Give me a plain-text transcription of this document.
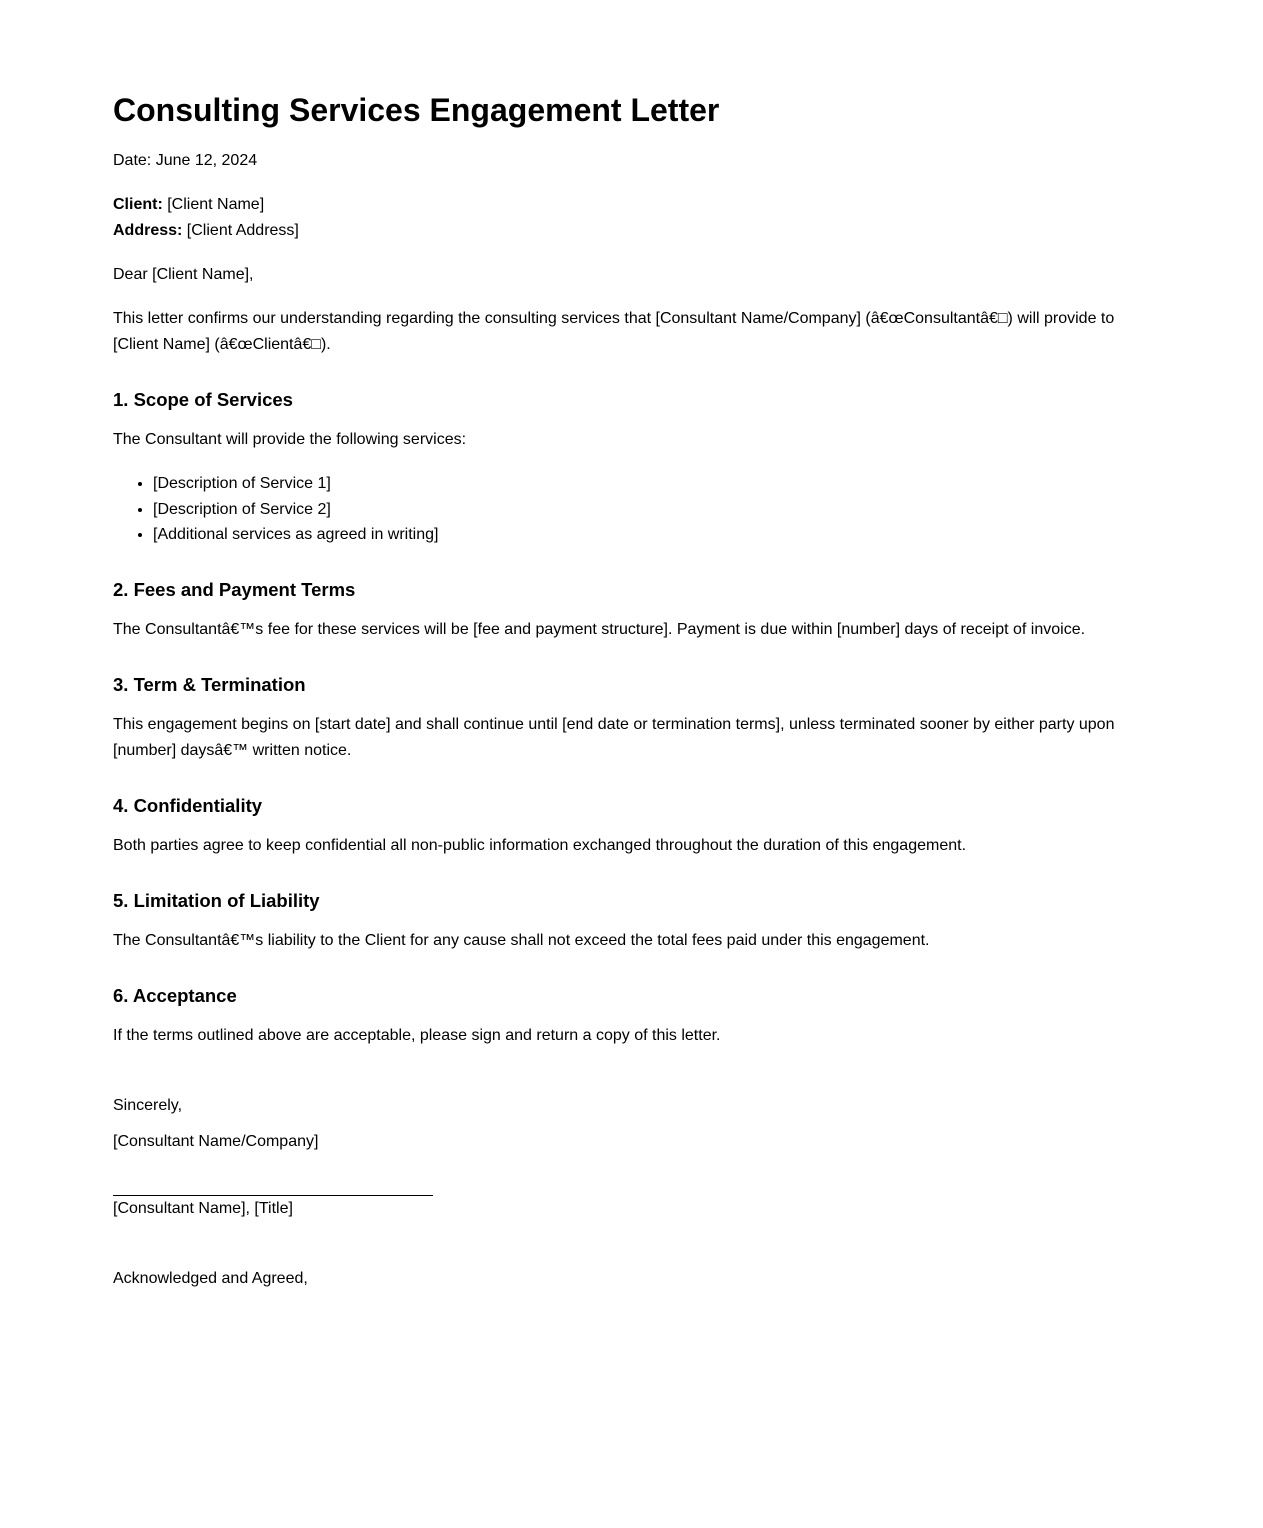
Consulting Services Engagement Letter

Date: June 12, 2024

Client: [Client Name]

Address: [Client Address]

Dear [Client Name],

This letter confirms our understanding regarding the consulting services that [Consultant Name/Company] (â€œConsultantâ€□) will provide to [Client Name] (â€œClientâ€□).

1. Scope of Services

The Consultant will provide the following services:

• [Description of Service 1]
• [Description of Service 2]
• [Additional services as agreed in writing]
2. Fees and Payment Terms

The Consultantâ€™s fee for these services will be [fee and payment structure]. Payment is due within [number] days of receipt of invoice.

3. Term & Termination

This engagement begins on [start date] and shall continue until [end date or termination terms], unless terminated sooner by either party upon [number] daysâ€™ written notice.

4. Confidentiality

Both parties agree to keep confidential all non-public information exchanged throughout the duration of this engagement.

5. Limitation of Liability

The Consultantâ€™s liability to the Client for any cause shall not exceed the total fees paid under this engagement.

6. Acceptance

If the terms outlined above are acceptable, please sign and return a copy of this letter.

Sincerely,

[Consultant Name/Company]

[Consultant Name], [Title]

Acknowledged and Agreed,
